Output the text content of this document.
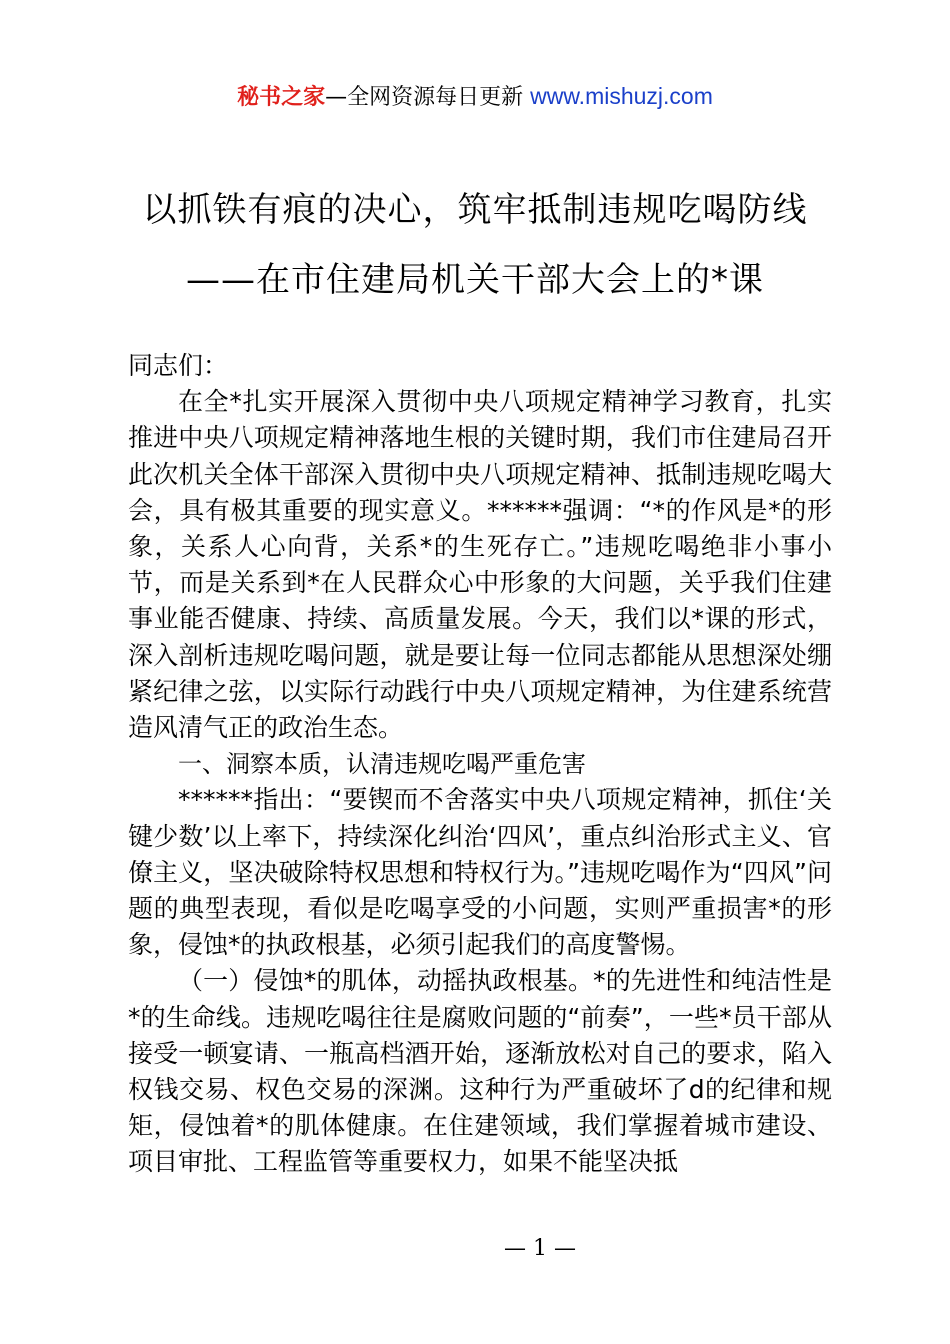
秘书之家—全网资源每日更新 www.mishuzj.com
以抓铁有痕的决心，筑牢抵制违规吃喝防线
——在市住建局机关干部大会上的*课

同志们：

在全*扎实开展深入贯彻中央八项规定精神学习教育，扎实推进中央八项规定精神落地生根的关键时期，我们市住建局召开此次机关全体干部深入贯彻中央八项规定精神、抵制违规吃喝大会，具有极其重要的现实意义。******强调：“*的作风是*的形象，关系人心向背，关系*的生死存亡。”违规吃喝绝非小事小节，而是关系到*在人民群众心中形象的大问题，关乎我们住建事业能否健康、持续、高质量发展。今天，我们以*课的形式，深入剖析违规吃喝问题，就是要让每一位同志都能从思想深处绷紧纪律之弦，以实际行动践行中央八项规定精神，为住建系统营造风清气正的政治生态。

一、洞察本质，认清违规吃喝严重危害

******指出：“要锲而不舍落实中央八项规定精神，抓住‘关键少数’以上率下，持续深化纠治‘四风’，重点纠治形式主义、官僚主义，坚决破除特权思想和特权行为。”违规吃喝作为“四风”问题的典型表现，看似是吃喝享受的小问题，实则严重损害*的形象，侵蚀*的执政根基，必须引起我们的高度警惕。

（一）侵蚀*的肌体，动摇执政根基。*的先进性和纯洁性是*的生命线。违规吃喝往往是腐败问题的“前奏”，一些*员干部从接受一顿宴请、一瓶高档酒开始，逐渐放松对自己的要求，陷入权钱交易、权色交易的深渊。这种行为严重破坏了d的纪律和规矩，侵蚀着*的肌体健康。在住建领域，我们掌握着城市建设、项目审批、工程监管等重要权力，如果不能坚决抵

— 1 —
